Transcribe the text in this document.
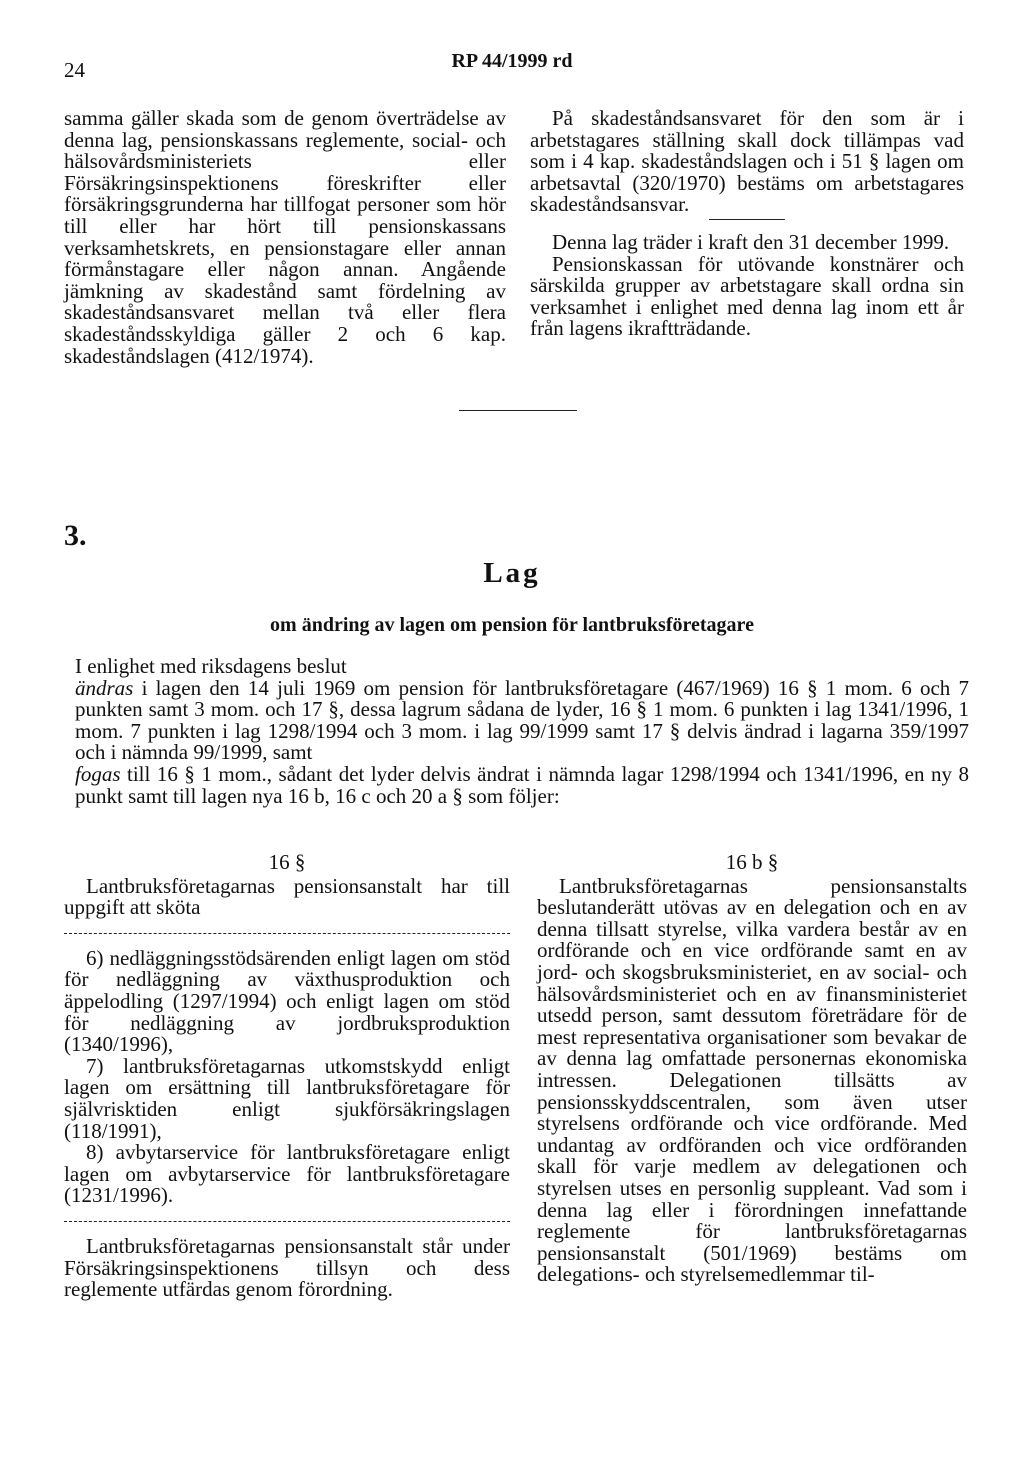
24	RP 44/1999 rd

samma gäller skada som de genom överträdelse av denna lag, pensionskassans reglemente, social- och hälsovårdsministeriets eller Försäkringsinspektionens föreskrifter eller försäkringsgrunderna har tillfogat personer som hör till eller har hört till pensionskassans verksamhetskrets, en pensionstagare eller annan förmånstagare eller någon annan. Angående jämkning av skadestånd samt fördelning av skadeståndsansvaret mellan två eller flera skadeståndsskyldiga gäller 2 och 6 kap. skadeståndslagen (412/1974).

På skadeståndsansvaret för den som är i arbetstagares ställning skall dock tillämpas vad som i 4 kap. skadeståndslagen och i 51 § lagen om arbetsavtal (320/1970) bestäms om arbetstagares skadeståndsansvar.

Denna lag träder i kraft den 31 december 1999.

Pensionskassan för utövande konstnärer och särskilda grupper av arbetstagare skall ordna sin verksamhet i enlighet med denna lag inom ett år från lagens ikraftträdande.

3.
Lag
om ändring av lagen om pension för lantbruksföretagare

I enlighet med riksdagens beslut

ändras i lagen den 14 juli 1969 om pension för lantbruksföretagare (467/1969) 16 § 1 mom. 6 och 7 punkten samt 3 mom. och 17 §, dessa lagrum sådana de lyder, 16 § 1 mom. 6 punkten i lag 1341/1996, 1 mom. 7 punkten i lag 1298/1994 och 3 mom. i lag 99/1999 samt 17 § delvis ändrad i lagarna 359/1997 och i nämnda 99/1999, samt

fogas till 16 § 1 mom., sådant det lyder delvis ändrat i nämnda lagar 1298/1994 och 1341/1996, en ny 8 punkt samt till lagen nya 16 b, 16 c och 20 a § som följer:

16 §

Lantbruksföretagarnas pensionsanstalt har till uppgift att sköta

6) nedläggningsstödsärenden enligt lagen om stöd för nedläggning av växthusproduktion och äppelodling (1297/1994) och enligt lagen om stöd för nedläggning av jordbruksproduktion (1340/1996),

7) lantbruksföretagarnas utkomstskydd enligt lagen om ersättning till lantbruksföretagare för självrisktiden enligt sjukförsäkringslagen (118/1991),

8) avbytarservice för lantbruksföretagare enligt lagen om avbytarservice för lantbruksföretagare (1231/1996).

Lantbruksföretagarnas pensionsanstalt står under Försäkringsinspektionens tillsyn och dess reglemente utfärdas genom förordning.

16 b §

Lantbruksföretagarnas pensionsanstalts beslutanderätt utövas av en delegation och en av denna tillsatt styrelse, vilka vardera består av en ordförande och en vice ordförande samt en av jord- och skogsbruksministeriet, en av social- och hälsovårdsministeriet och en av finansministeriet utsedd person, samt dessutom företrädare för de mest representativa organisationer som bevakar de av denna lag omfattade personernas ekonomiska intressen. Delegationen tillsätts av pensionsskyddscentralen, som även utser styrelsens ordförande och vice ordförande. Med undantag av ordföranden och vice ordföranden skall för varje medlem av delegationen och styrelsen utses en personlig suppleant. Vad som i denna lag eller i förordningen innefattande reglemente för lantbruksföretagarnas pensionsanstalt (501/1969) bestäms om delegations- och styrelsemedlemmar til-
